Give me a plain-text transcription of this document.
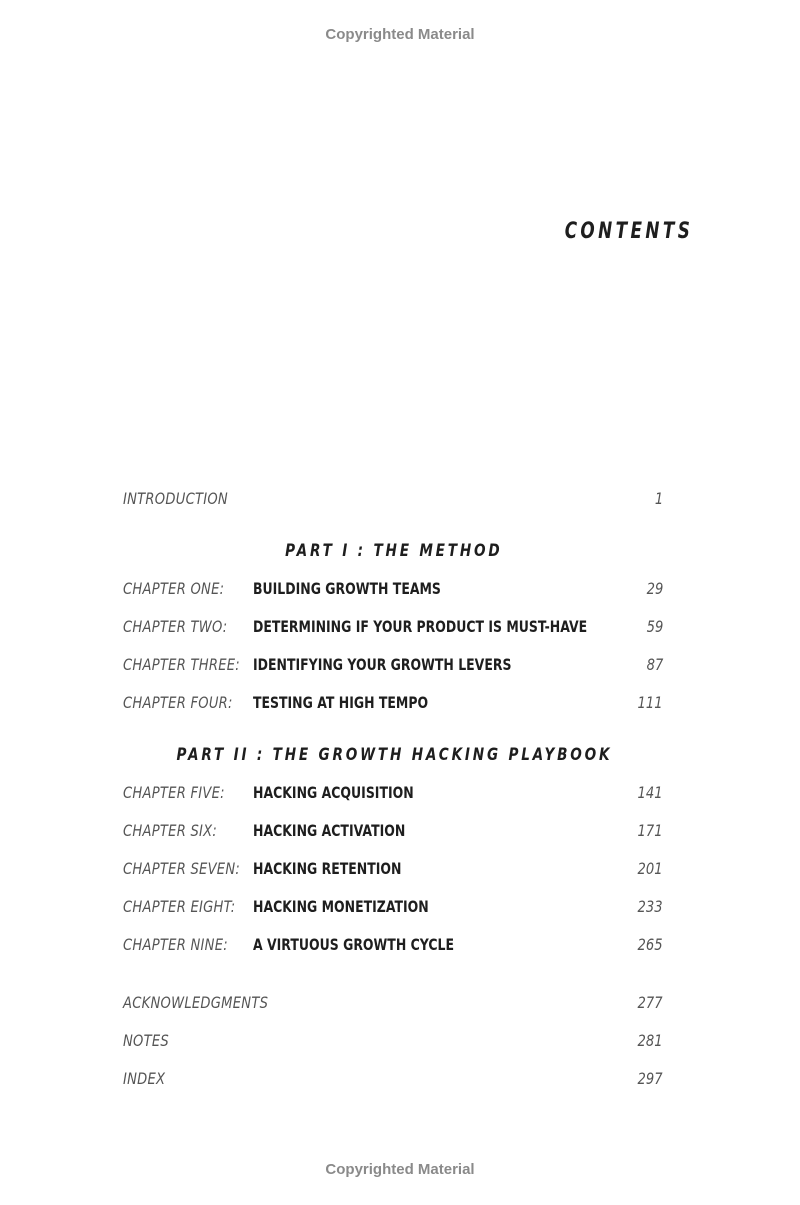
Copyrighted Material
CONTENTS
INTRODUCTION	1
PART I : THE METHOD
CHAPTER ONE: BUILDING GROWTH TEAMS	29
CHAPTER TWO: DETERMINING IF YOUR PRODUCT IS MUST-HAVE	59
CHAPTER THREE: IDENTIFYING YOUR GROWTH LEVERS	87
CHAPTER FOUR: TESTING AT HIGH TEMPO	111
PART II : THE GROWTH HACKING PLAYBOOK
CHAPTER FIVE: HACKING ACQUISITION	141
CHAPTER SIX: HACKING ACTIVATION	171
CHAPTER SEVEN: HACKING RETENTION	201
CHAPTER EIGHT: HACKING MONETIZATION	233
CHAPTER NINE: A VIRTUOUS GROWTH CYCLE	265
ACKNOWLEDGMENTS	277
NOTES	281
INDEX	297
Copyrighted Material
